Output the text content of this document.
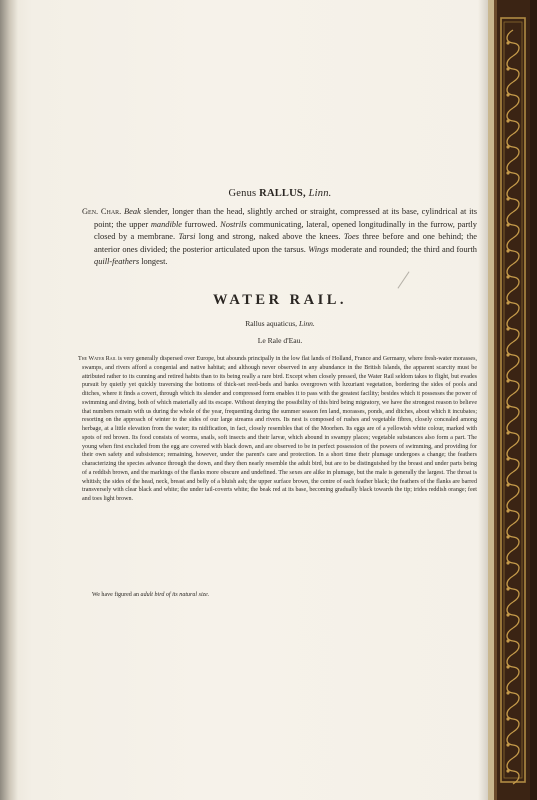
Genus RALLUS, Linn.
Gen. Char. Beak slender, longer than the head, slightly arched or straight, compressed at its base, cylindrical at its point; the upper mandible furrowed. Nostrils communicating, lateral, opened longitudinally in the furrow, partly closed by a membrane. Tarsi long and strong, naked above the knees. Toes three before and one behind; the anterior ones divided; the posterior articulated upon the tarsus. Wings moderate and rounded; the third and fourth quill-feathers longest.
WATER RAIL.
Rallus aquaticus, Linn.
Le Rale d'Eau.
The Water Rail is very generally dispersed over Europe, but abounds principally in the low flat lands of Holland, France and Germany, where fresh-water morasses, swamps, and rivers afford a congenial and native habitat; and although never observed in any abundance in the British Islands, the apparent scarcity must be attributed rather to its cunning and retired habits than to its being really a rare bird. Except when closely pressed, the Water Rail seldom takes to flight, but evades pursuit by quietly yet quickly traversing the bottoms of thick-set reed-beds and banks overgrown with luxuriant vegetation, bordering the sides of pools and ditches, where it finds a covert, through which its slender and compressed form enables it to pass with the greatest facility; besides which it possesses the power of swimming and diving, both of which materially aid its escape. Without denying the possibility of this bird being migratory, we have the strongest reason to believe that numbers remain with us during the whole of the year, frequenting during the summer season fen land, morasses, ponds, and ditches, about which it incubates; resorting on the approach of winter to the sides of our large streams and rivers. Its nest is composed of rushes and vegetable fibres, closely concealed among herbage, at a little elevation from the water; its nidification, in fact, closely resembles that of the Moorhen. Its eggs are of a yellowish white colour, marked with spots of red brown. Its food consists of worms, snails, soft insects and their larvæ, which abound in swampy places; vegetable substances also form a part. The young when first excluded from the egg are covered with black down, and are observed to be in perfect possession of the powers of swimming, and providing for their own safety and subsistence; remaining, however, under the parent's care and protection. In a short time their plumage undergoes a change; the feathers characterizing the species advance through the down, and they then nearly resemble the adult bird, but are to be distinguished by the breast and under parts being of a reddish brown, and the markings of the flanks more obscure and undefined. The sexes are alike in plumage, but the male is generally the largest. The throat is whitish; the sides of the head, neck, breast and belly of a bluish ash; the upper surface brown, the centre of each feather black; the feathers of the flanks are barred transversely with clear black and white; the under tail-coverts white; the beak red at its base, becoming gradually black towards the tip; irides reddish orange; feet and toes light brown.
We have figured an adult bird of its natural size.
